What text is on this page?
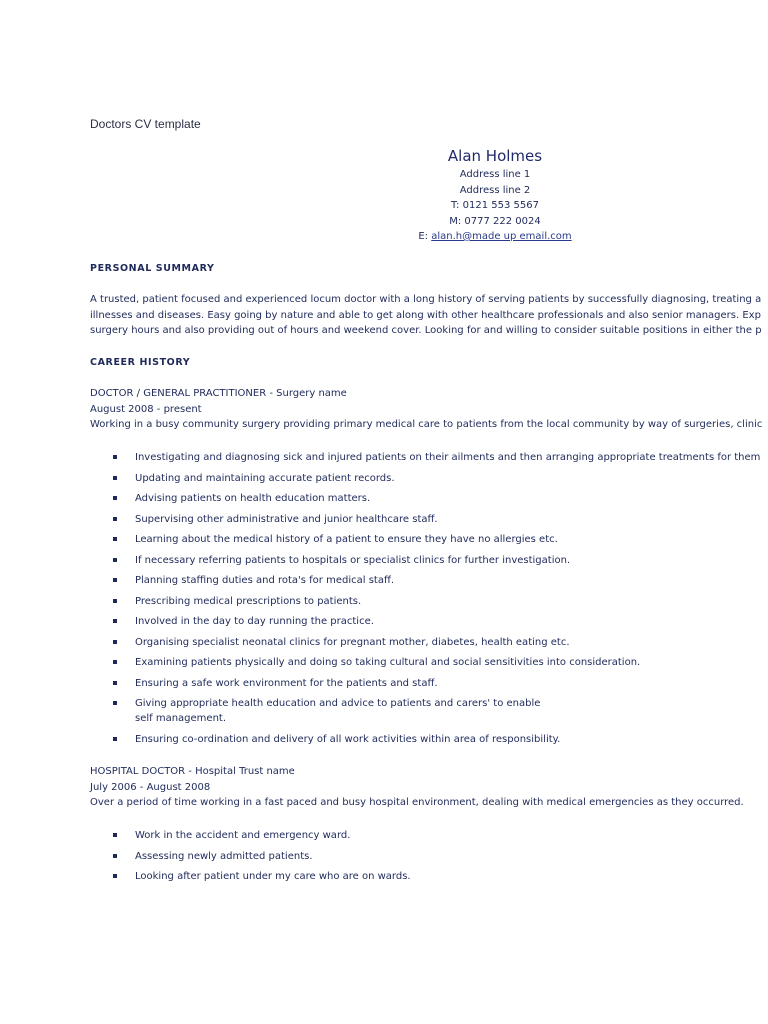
Doctors CV template
Alan Holmes
Address line 1
Address line 2
T: 0121 553 5567
M: 0777 222 0024
E: alan.h@made up email.com
PERSONAL SUMMARY
A trusted, patient focused and experienced locum doctor with a long history of serving patients by successfully diagnosing, treating a
illnesses and diseases. Easy going by nature and able to get along with other healthcare professionals and also senior managers. Exp
surgery hours and also providing out of hours and weekend cover. Looking for and willing to consider suitable positions in either the p
CAREER HISTORY
DOCTOR / GENERAL PRACTITIONER - Surgery name
August 2008 - present
Working in a busy community surgery providing primary medical care to patients from the local community by way of surgeries, clinic
Investigating and diagnosing sick and injured patients on their ailments and then arranging appropriate treatments for them
Updating and maintaining accurate patient records.
Advising patients on health education matters.
Supervising other administrative and junior healthcare staff.
Learning about the medical history of a patient to ensure they have no allergies etc.
If necessary referring patients to hospitals or specialist clinics for further investigation.
Planning staffing duties and rota's for medical staff.
Prescribing medical prescriptions to patients.
Involved in the day to day running the practice.
Organising specialist neonatal clinics for pregnant mother, diabetes, health eating etc.
Examining patients physically and doing so taking cultural and social sensitivities into consideration.
Ensuring a safe work environment for the patients and staff.
Giving appropriate health education and advice to patients and carers' to enable
self management.
Ensuring co-ordination and delivery of all work activities within area of responsibility.
HOSPITAL DOCTOR - Hospital Trust name
July 2006 - August 2008
Over a period of time working in a fast paced and busy hospital environment, dealing with medical emergencies as they occurred.
Work in the accident and emergency ward.
Assessing newly admitted patients.
Looking after patient under my care who are on wards.
